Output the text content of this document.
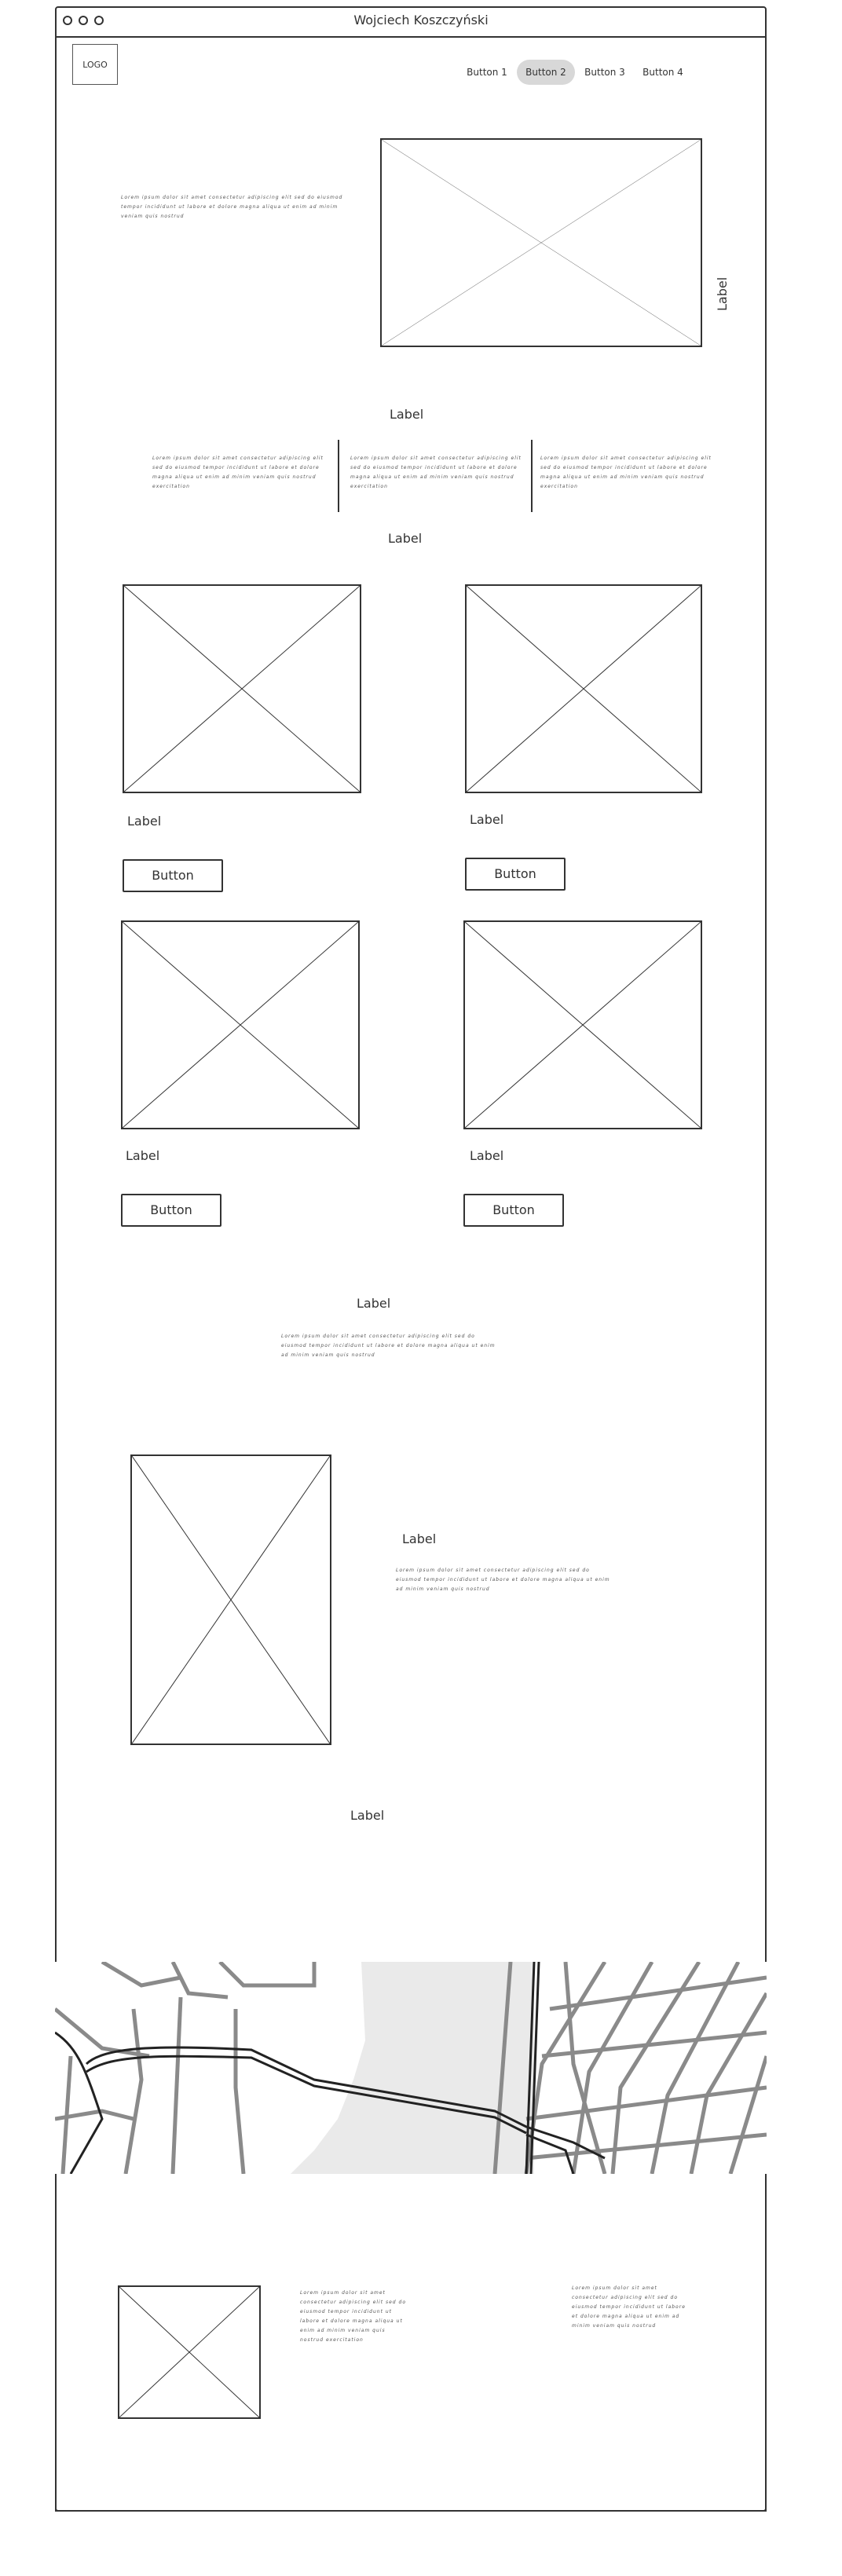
Wojciech Koszczyński
LOGO
Button 1	Button 2	Button 3	Button 4
Lorem ipsum dolor sit amet consectetur adipiscing elit sed do eiusmod tempor incididunt ut labore et dolore magna aliqua ut enim ad minim veniam quis nostrud
Label
Label
Lorem ipsum dolor sit amet consectetur adipiscing elit sed do eiusmod tempor incididunt ut labore et dolore magna aliqua ut enim ad minim veniam quis nostrud exercitation
Lorem ipsum dolor sit amet consectetur adipiscing elit sed do eiusmod tempor incididunt ut labore et dolore magna aliqua ut enim ad minim veniam quis nostrud exercitation
Lorem ipsum dolor sit amet consectetur adipiscing elit sed do eiusmod tempor incididunt ut labore et dolore magna aliqua ut enim ad minim veniam quis nostrud exercitation
Label
Label
Button
Label
Button
Label
Button
Label
Button
Label
Lorem ipsum dolor sit amet consectetur adipiscing elit sed do eiusmod tempor incididunt ut labore et dolore magna aliqua ut enim ad minim veniam quis nostrud
Label
Lorem ipsum dolor sit amet consectetur adipiscing elit sed do eiusmod tempor incididunt ut labore et dolore magna aliqua ut enim ad minim veniam quis nostrud
Label
Lorem ipsum dolor sit amet consectetur adipiscing elit sed do eiusmod tempor incididunt ut labore et dolore magna aliqua ut enim ad minim veniam quis nostrud exercitation
Lorem ipsum dolor sit amet consectetur adipiscing elit sed do eiusmod tempor incididunt ut labore et dolore magna aliqua ut enim ad minim veniam quis nostrud
